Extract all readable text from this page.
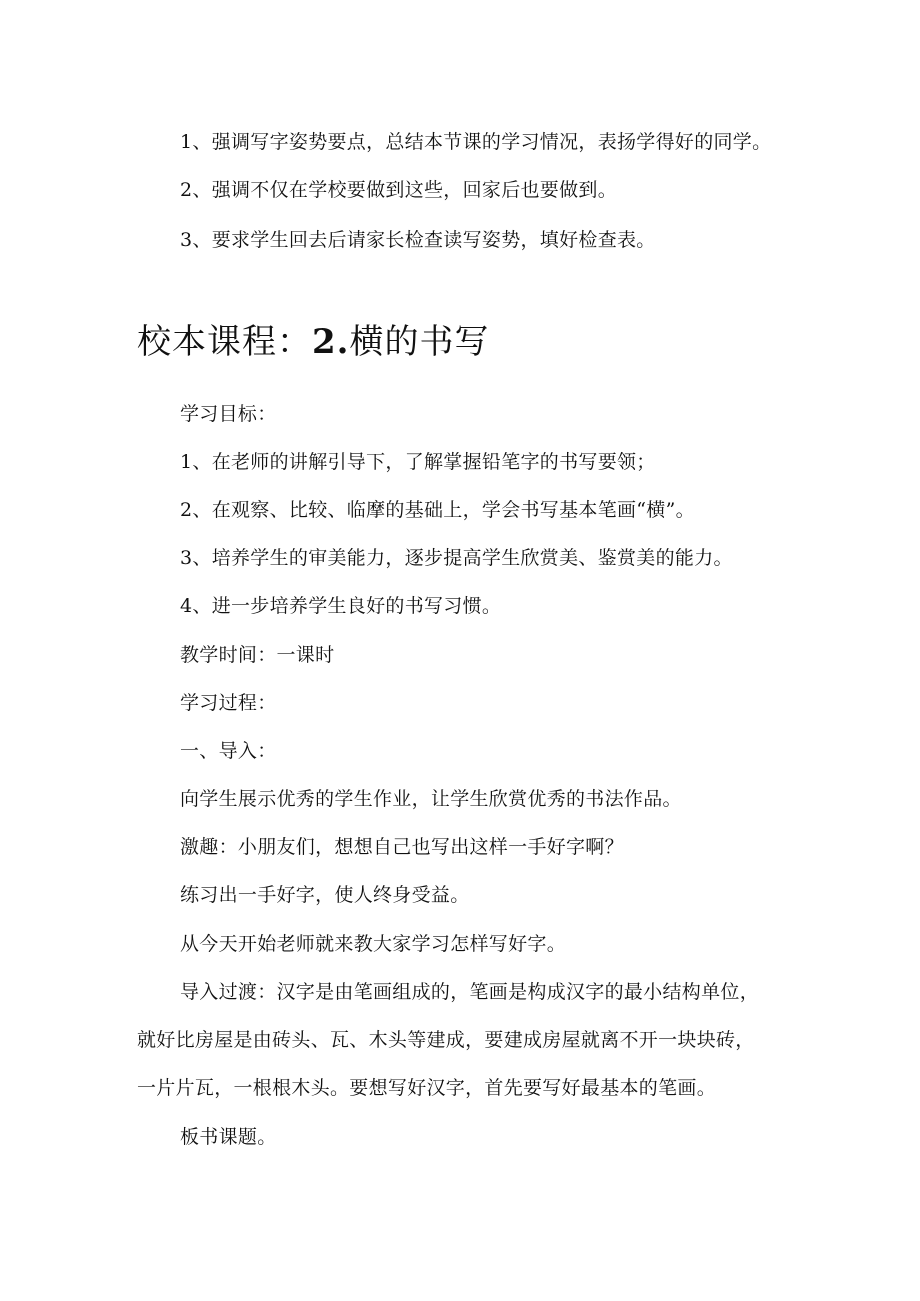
1、强调写字姿势要点，总结本节课的学习情况，表扬学得好的同学。
2、强调不仅在学校要做到这些，回家后也要做到。
3、要求学生回去后请家长检查读写姿势，填好检查表。
校本课程：2.横的书写
学习目标：
1、在老师的讲解引导下，了解掌握铅笔字的书写要领；
2、在观察、比较、临摩的基础上，学会书写基本笔画“横”。
3、培养学生的审美能力，逐步提高学生欣赏美、鉴赏美的能力。
4、进一步培养学生良好的书写习惯。
教学时间：一课时
学习过程：
一、导入：
向学生展示优秀的学生作业，让学生欣赏优秀的书法作品。
激趣：小朋友们，想想自己也写出这样一手好字啊？
练习出一手好字，使人终身受益。
从今天开始老师就来教大家学习怎样写好字。
导入过渡：汉字是由笔画组成的，笔画是构成汉字的最小结构单位，
就好比房屋是由砖头、瓦、木头等建成，要建成房屋就离不开一块块砖，
一片片瓦，一根根木头。要想写好汉字，首先要写好最基本的笔画。
板书课题。
